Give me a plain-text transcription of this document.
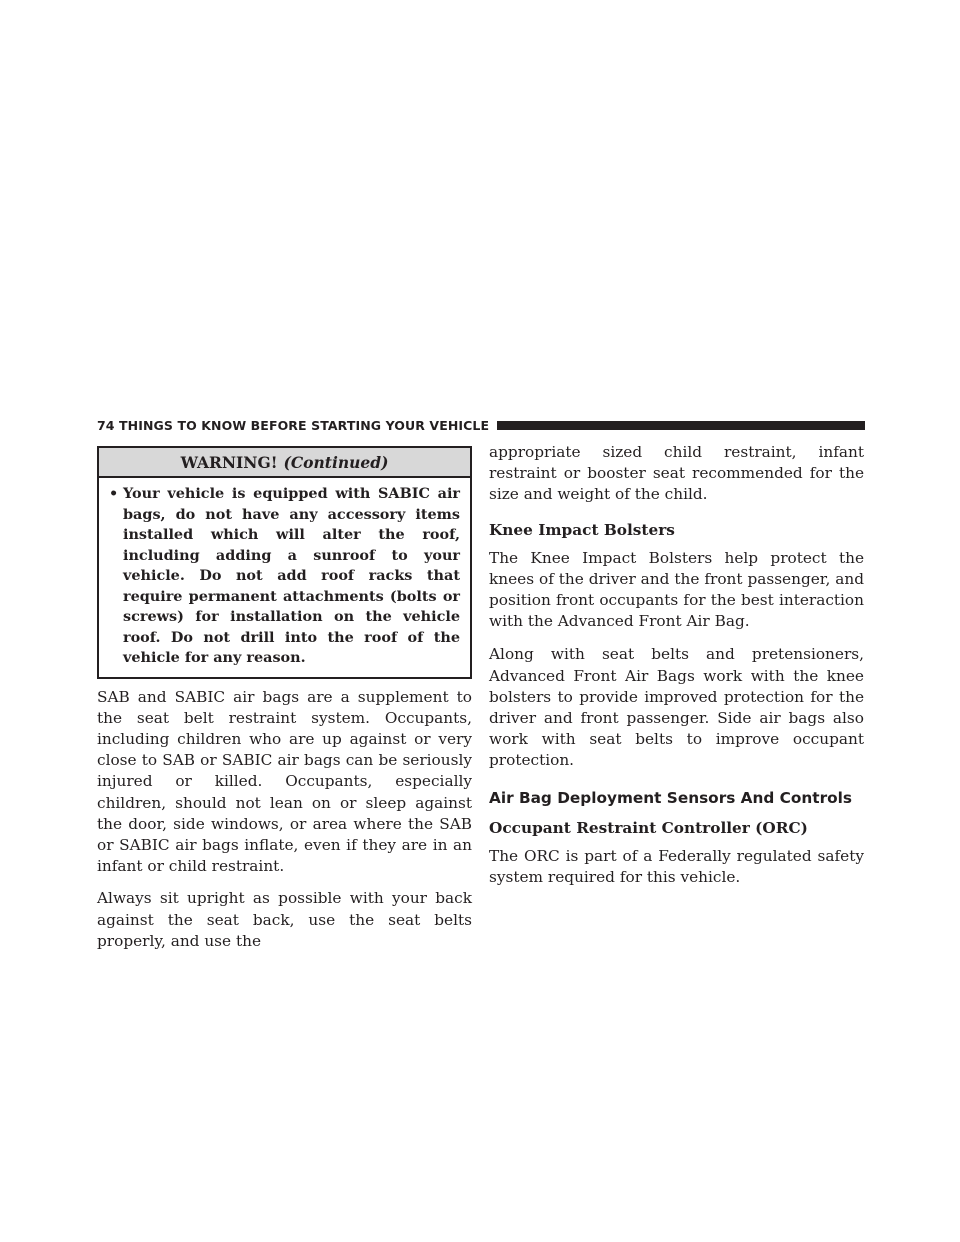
74 THINGS TO KNOW BEFORE STARTING YOUR VEHICLE
WARNING! (Continued)
• Your vehicle is equipped with SABIC air bags, do not have any accessory items installed which will alter the roof, including adding a sunroof to your vehicle. Do not add roof racks that require permanent attachments (bolts or screws) for installation on the vehicle roof. Do not drill into the roof of the vehicle for any reason.

SAB and SABIC air bags are a supplement to the seat belt restraint system. Occupants, including children who are up against or very close to SAB or SABIC air bags can be seriously injured or killed. Occupants, especially children, should not lean on or sleep against the door, side windows, or area where the SAB or SABIC air bags inflate, even if they are in an infant or child restraint.

Always sit upright as possible with your back against the seat back, use the seat belts properly, and use the

appropriate sized child restraint, infant restraint or booster seat recommended for the size and weight of the child.

Knee Impact Bolsters

The Knee Impact Bolsters help protect the knees of the driver and the front passenger, and position front occupants for the best interaction with the Advanced Front Air Bag.

Along with seat belts and pretensioners, Advanced Front Air Bags work with the knee bolsters to provide improved protection for the driver and front passenger. Side air bags also work with seat belts to improve occupant protection.

Air Bag Deployment Sensors And Controls
Occupant Restraint Controller (ORC)

The ORC is part of a Federally regulated safety system required for this vehicle.
